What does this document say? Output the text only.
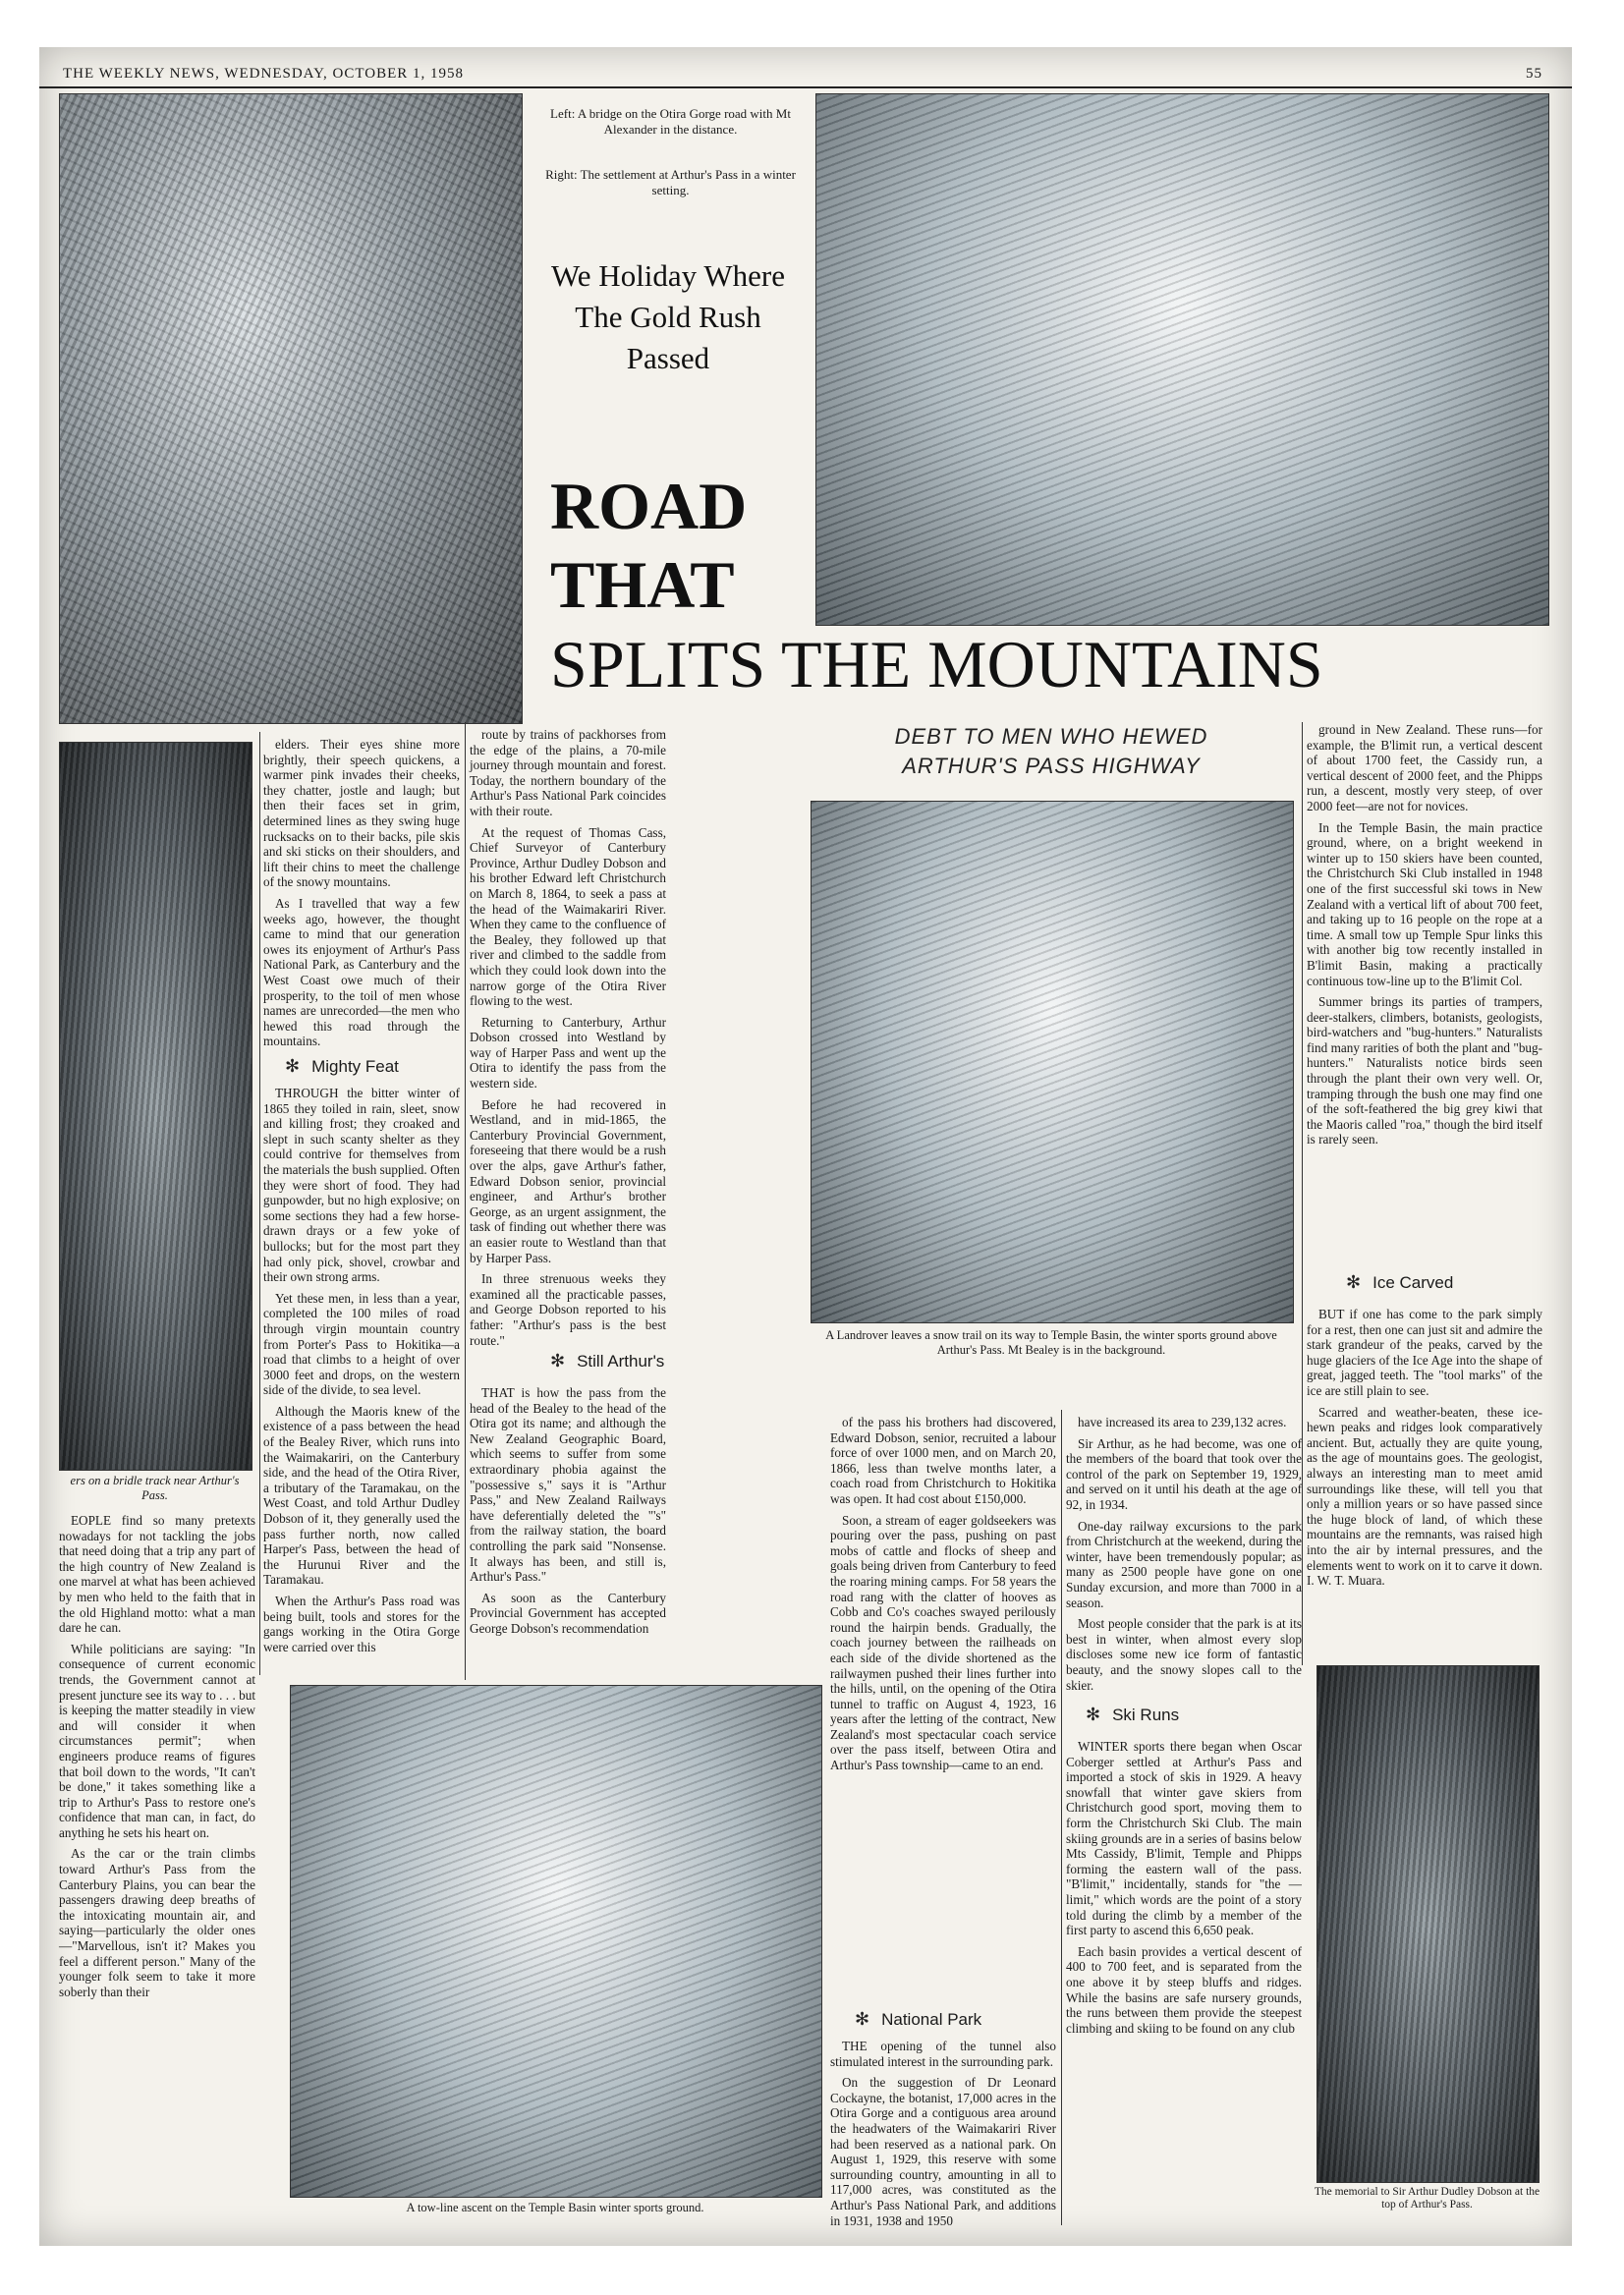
THE WEEKLY NEWS, WEDNESDAY, OCTOBER 1, 1958	55
Left: A bridge on the Otira Gorge road with Mt Alexander in the distance.
Right: The settlement at Arthur's Pass in a winter setting.
We Holiday Where The Gold Rush Passed
ROAD
THAT
SPLITS THE MOUNTAINS
ers on a bridle track near Arthur's Pass.

EOPLE find so many pretexts nowadays for not tackling the jobs that need doing that a trip any part of the high country of New Zealand is one marvel at what has been achieved by men who held to the faith that in the old Highland motto: what a man dare he can.

While politicians are saying: "In consequence of current economic trends, the Government cannot at present juncture see its way to . . . but is keeping the matter steadily in view and will consider it when circumstances permit"; when engineers produce reams of figures that boil down to the words, "It can't be done," it takes something like a trip to Arthur's Pass to restore one's confidence that man can, in fact, do anything he sets his heart on.

As the car or the train climbs toward Arthur's Pass from the Canterbury Plains, you can bear the passengers drawing deep breaths of the intoxicating mountain air, and saying—particularly the older ones—"Marvellous, isn't it? Makes you feel a different person." Many of the younger folk seem to take it more soberly than their

elders. Their eyes shine more brightly, their speech quickens, a warmer pink invades their cheeks, they chatter, jostle and laugh; but then their faces set in grim, determined lines as they swing huge rucksacks on to their backs, pile skis and ski sticks on their shoulders, and lift their chins to meet the challenge of the snowy mountains.

As I travelled that way a few weeks ago, however, the thought came to mind that our generation owes its enjoyment of Arthur's Pass National Park, as Canterbury and the West Coast owe much of their prosperity, to the toil of men whose names are unrecorded—the men who hewed this road through the mountains.

✻ Mighty Feat

THROUGH the bitter winter of 1865 they toiled in rain, sleet, snow and killing frost; they croaked and slept in such scanty shelter as they could contrive for themselves from the materials the bush supplied. Often they were short of food. They had gunpowder, but no high explosive; on some sections they had a few horse-drawn drays or a few yoke of bullocks; but for the most part they had only pick, shovel, crowbar and their own strong arms.

Yet these men, in less than a year, completed the 100 miles of road through virgin mountain country from Porter's Pass to Hokitika—a road that climbs to a height of over 3000 feet and drops, on the western side of the divide, to sea level.

Although the Maoris knew of the existence of a pass between the head of the Bealey River, which runs into the Waimakariri, on the Canterbury side, and the head of the Otira River, a tributary of the Taramakau, on the West Coast, and told Arthur Dudley Dobson of it, they generally used the pass further north, now called Harper's Pass, between the head of the Hurunui River and the Taramakau.

When the Arthur's Pass road was being built, tools and stores for the gangs working in the Otira Gorge were carried over this

route by trains of packhorses from the edge of the plains, a 70-mile journey through mountain and forest. Today, the northern boundary of the Arthur's Pass National Park coincides with their route.

At the request of Thomas Cass, Chief Surveyor of Canterbury Province, Arthur Dudley Dobson and his brother Edward left Christchurch on March 8, 1864, to seek a pass at the head of the Waimakariri River. When they came to the confluence of the Bealey, they followed up that river and climbed to the saddle from which they could look down into the narrow gorge of the Otira River flowing to the west.

Returning to Canterbury, Arthur Dobson crossed into Westland by way of Harper Pass and went up the Otira to identify the pass from the western side.

Before he had recovered in Westland, and in mid-1865, the Canterbury Provincial Government, foreseeing that there would be a rush over the alps, gave Arthur's father, Edward Dobson senior, provincial engineer, and Arthur's brother George, as an urgent assignment, the task of finding out whether there was an easier route to Westland than that by Harper Pass.

In three strenuous weeks they examined all the practicable passes, and George Dobson reported to his father: "Arthur's pass is the best route."

✻ Still Arthur's

THAT is how the pass from the head of the Bealey to the head of the Otira got its name; and although the New Zealand Geographic Board, which seems to suffer from some extraordinary phobia against the "possessive s," says it is "Arthur Pass," and New Zealand Railways have deferentially deleted the "'s" from the railway station, the board controlling the park said "Nonsense. It always has been, and still is, Arthur's Pass."

As soon as the Canterbury Provincial Government has accepted George Dobson's recommendation

DEBT TO MEN WHO HEWED
ARTHUR'S PASS HIGHWAY
A Landrover leaves a snow trail on its way to Temple Basin, the winter sports ground above Arthur's Pass. Mt Bealey is in the background.

ground in New Zealand. These runs—for example, the B'limit run, a vertical descent of about 1700 feet, the Cassidy run, a vertical descent of 2000 feet, and the Phipps run, a descent, mostly very steep, of over 2000 feet—are not for novices.

In the Temple Basin, the main practice ground, where, on a bright weekend in winter up to 150 skiers have been counted, the Christchurch Ski Club installed in 1948 one of the first successful ski tows in New Zealand with a vertical lift of about 700 feet, and taking up to 16 people on the rope at a time. A small tow up Temple Spur links this with another big tow recently installed in B'limit Basin, making a practically continuous tow-line up to the B'limit Col.

Summer brings its parties of trampers, deer-stalkers, climbers, botanists, geologists, bird-watchers and "bug-hunters." Naturalists find many rarities of both the plant and "bug-hunters." Naturalists notice birds seen through the plant their own very well. Or, tramping through the bush one may find one of the soft-feathered the big grey kiwi that the Maoris called "roa," though the bird itself is rarely seen.

✻ Ice Carved

BUT if one has come to the park simply for a rest, then one can just sit and admire the stark grandeur of the peaks, carved by the huge glaciers of the Ice Age into the shape of great, jagged teeth. The "tool marks" of the ice are still plain to see.

Scarred and weather-beaten, these ice-hewn peaks and ridges look comparatively ancient. But, actually they are quite young, as the age of mountains goes. The geologist, always an interesting man to meet amid surroundings like these, will tell you that only a million years or so have passed since the huge block of land, of which these mountains are the remnants, was raised high into the air by internal pressures, and the elements went to work on it to carve it down. I. W. T. Muara.

of the pass his brothers had discovered, Edward Dobson, senior, recruited a labour force of over 1000 men, and on March 20, 1866, less than twelve months later, a coach road from Christchurch to Hokitika was open. It had cost about £150,000.

Soon, a stream of eager goldseekers was pouring over the pass, pushing on past mobs of cattle and flocks of sheep and goals being driven from Canterbury to feed the roaring mining camps. For 58 years the road rang with the clatter of hooves as Cobb and Co's coaches swayed perilously round the hairpin bends. Gradually, the coach journey between the railheads on each side of the divide shortened as the railwaymen pushed their lines further into the hills, until, on the opening of the Otira tunnel to traffic on August 4, 1923, 16 years after the letting of the contract, New Zealand's most spectacular coach service over the pass itself, between Otira and Arthur's Pass township—came to an end.

✻ National Park

THE opening of the tunnel also stimulated interest in the surrounding park.

On the suggestion of Dr Leonard Cockayne, the botanist, 17,000 acres in the Otira Gorge and a contiguous area around the headwaters of the Waimakariri River had been reserved as a national park. On August 1, 1929, this reserve with some surrounding country, amounting in all to 117,000 acres, was constituted as the Arthur's Pass National Park, and additions in 1931, 1938 and 1950

have increased its area to 239,132 acres.

Sir Arthur, as he had become, was one of the members of the board that took over the control of the park on September 19, 1929, and served on it until his death at the age of 92, in 1934.

One-day railway excursions to the park from Christchurch at the weekend, during the winter, have been tremendously popular; as many as 2500 people have gone on one Sunday excursion, and more than 7000 in a season.

Most people consider that the park is at its best in winter, when almost every slop discloses some new ice form of fantastic beauty, and the snowy slopes call to the skier.

✻ Ski Runs

WINTER sports there began when Oscar Coberger settled at Arthur's Pass and imported a stock of skis in 1929. A heavy snowfall that winter gave skiers from Christchurch good sport, moving them to form the Christchurch Ski Club. The main skiing grounds are in a series of basins below Mts Cassidy, B'limit, Temple and Phipps forming the eastern wall of the pass. "B'limit," incidentally, stands for "the — limit," which words are the point of a story told during the climb by a member of the first party to ascend this 6,650 peak.

Each basin provides a vertical descent of 400 to 700 feet, and is separated from the one above it by steep bluffs and ridges. While the basins are safe nursery grounds, the runs between them provide the steepest climbing and skiing to be found on any club

A tow-line ascent on the Temple Basin winter sports ground.
The memorial to Sir Arthur Dudley Dobson at the top of Arthur's Pass.
